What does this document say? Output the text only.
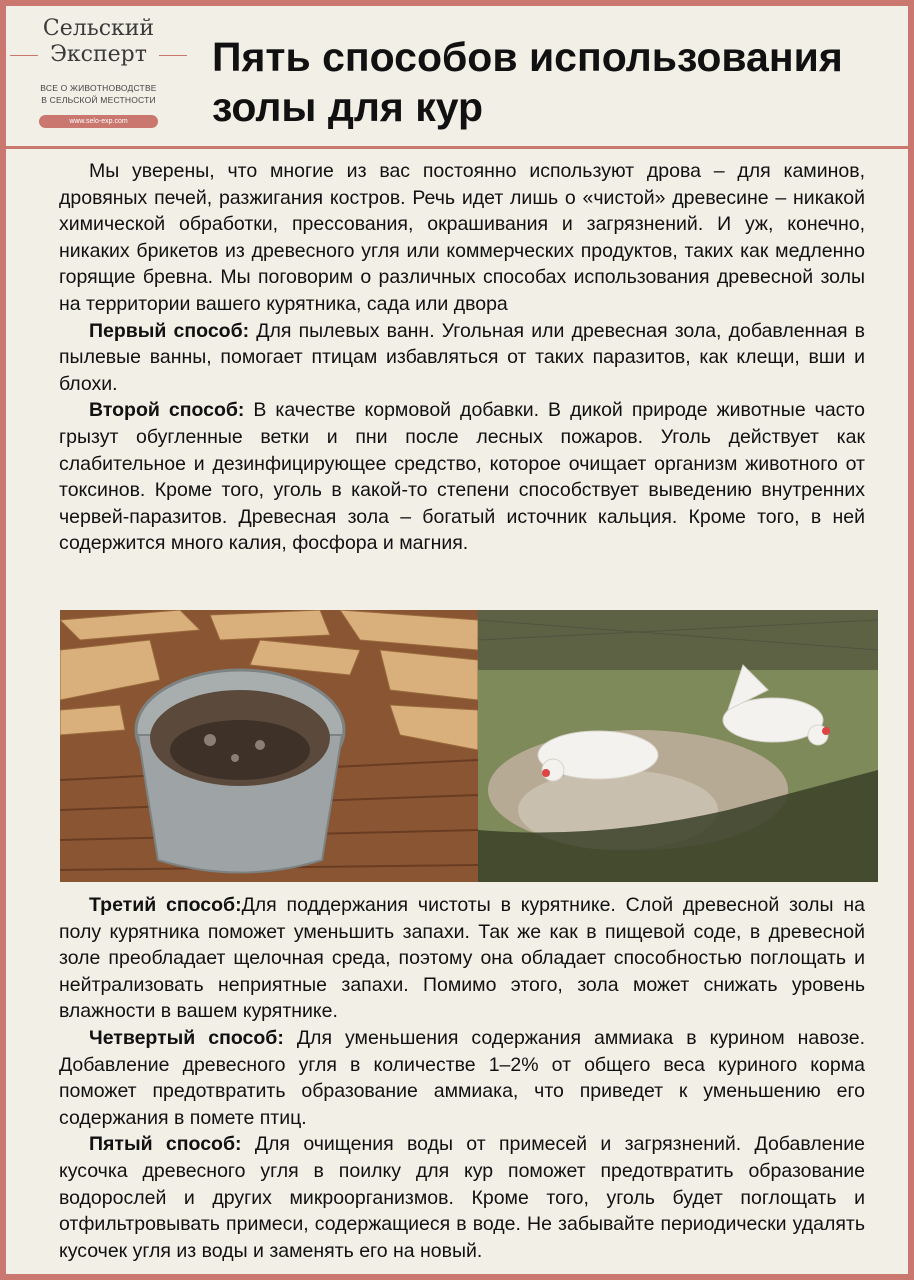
Сельский
Эксперт
ВСЕ О ЖИВОТНОВОДСТВЕ
В СЕЛЬСКОЙ МЕСТНОСТИ
www.selo-exp.com
Пять способов использования золы для кур

Мы уверены, что многие из вас постоянно используют дрова – для каминов, дровяных печей, разжигания костров. Речь идет лишь о «чистой» древесине – никакой химической обработки, прессования, окрашивания и загрязнений. И уж, конечно, никаких брикетов из древесного угля или коммерческих продуктов, таких как медленно горящие бревна. Мы поговорим о различных способах использования древесной золы на территории вашего курятника, сада или двора

Первый способ: Для пылевых ванн. Угольная или древесная зола, добавленная в пылевые ванны, помогает птицам избавляться от таких паразитов, как клещи, вши и блохи.

Второй способ: В качестве кормовой добавки. В дикой природе животные часто грызут обугленные ветки и пни после лесных пожаров. Уголь действует как слабительное и дезинфицирующее средство, которое очищает организм животного от токсинов. Кроме того, уголь в какой-то степени способствует выведению внутренних червей-паразитов. Древесная зола – богатый источник кальция. Кроме того, в ней содержится много калия, фосфора и магния.

Третий способ:Для поддержания чистоты в курятнике. Слой древесной золы на полу курятника поможет уменьшить запахи. Так же как в пищевой соде, в древесной золе преобладает щелочная среда, поэтому она обладает способностью поглощать и нейтрализовать неприятные запахи. Помимо этого, зола может снижать уровень влажности в вашем курятнике.

Четвертый способ: Для уменьшения содержания аммиака в курином навозе. Добавление древесного угля в количестве 1–2% от общего веса куриного корма поможет предотвратить образование аммиака, что приведет к уменьшению его содержания в помете птиц.

Пятый способ: Для очищения воды от примесей и загрязнений. Добавление кусочка древесного угля в поилку для кур поможет предотвратить образование водорослей и других микроорганизмов. Кроме того, уголь будет поглощать и отфильтровывать примеси, содержащиеся в воде. Не забывайте периодически удалять кусочек угля из воды и заменять его на новый.
